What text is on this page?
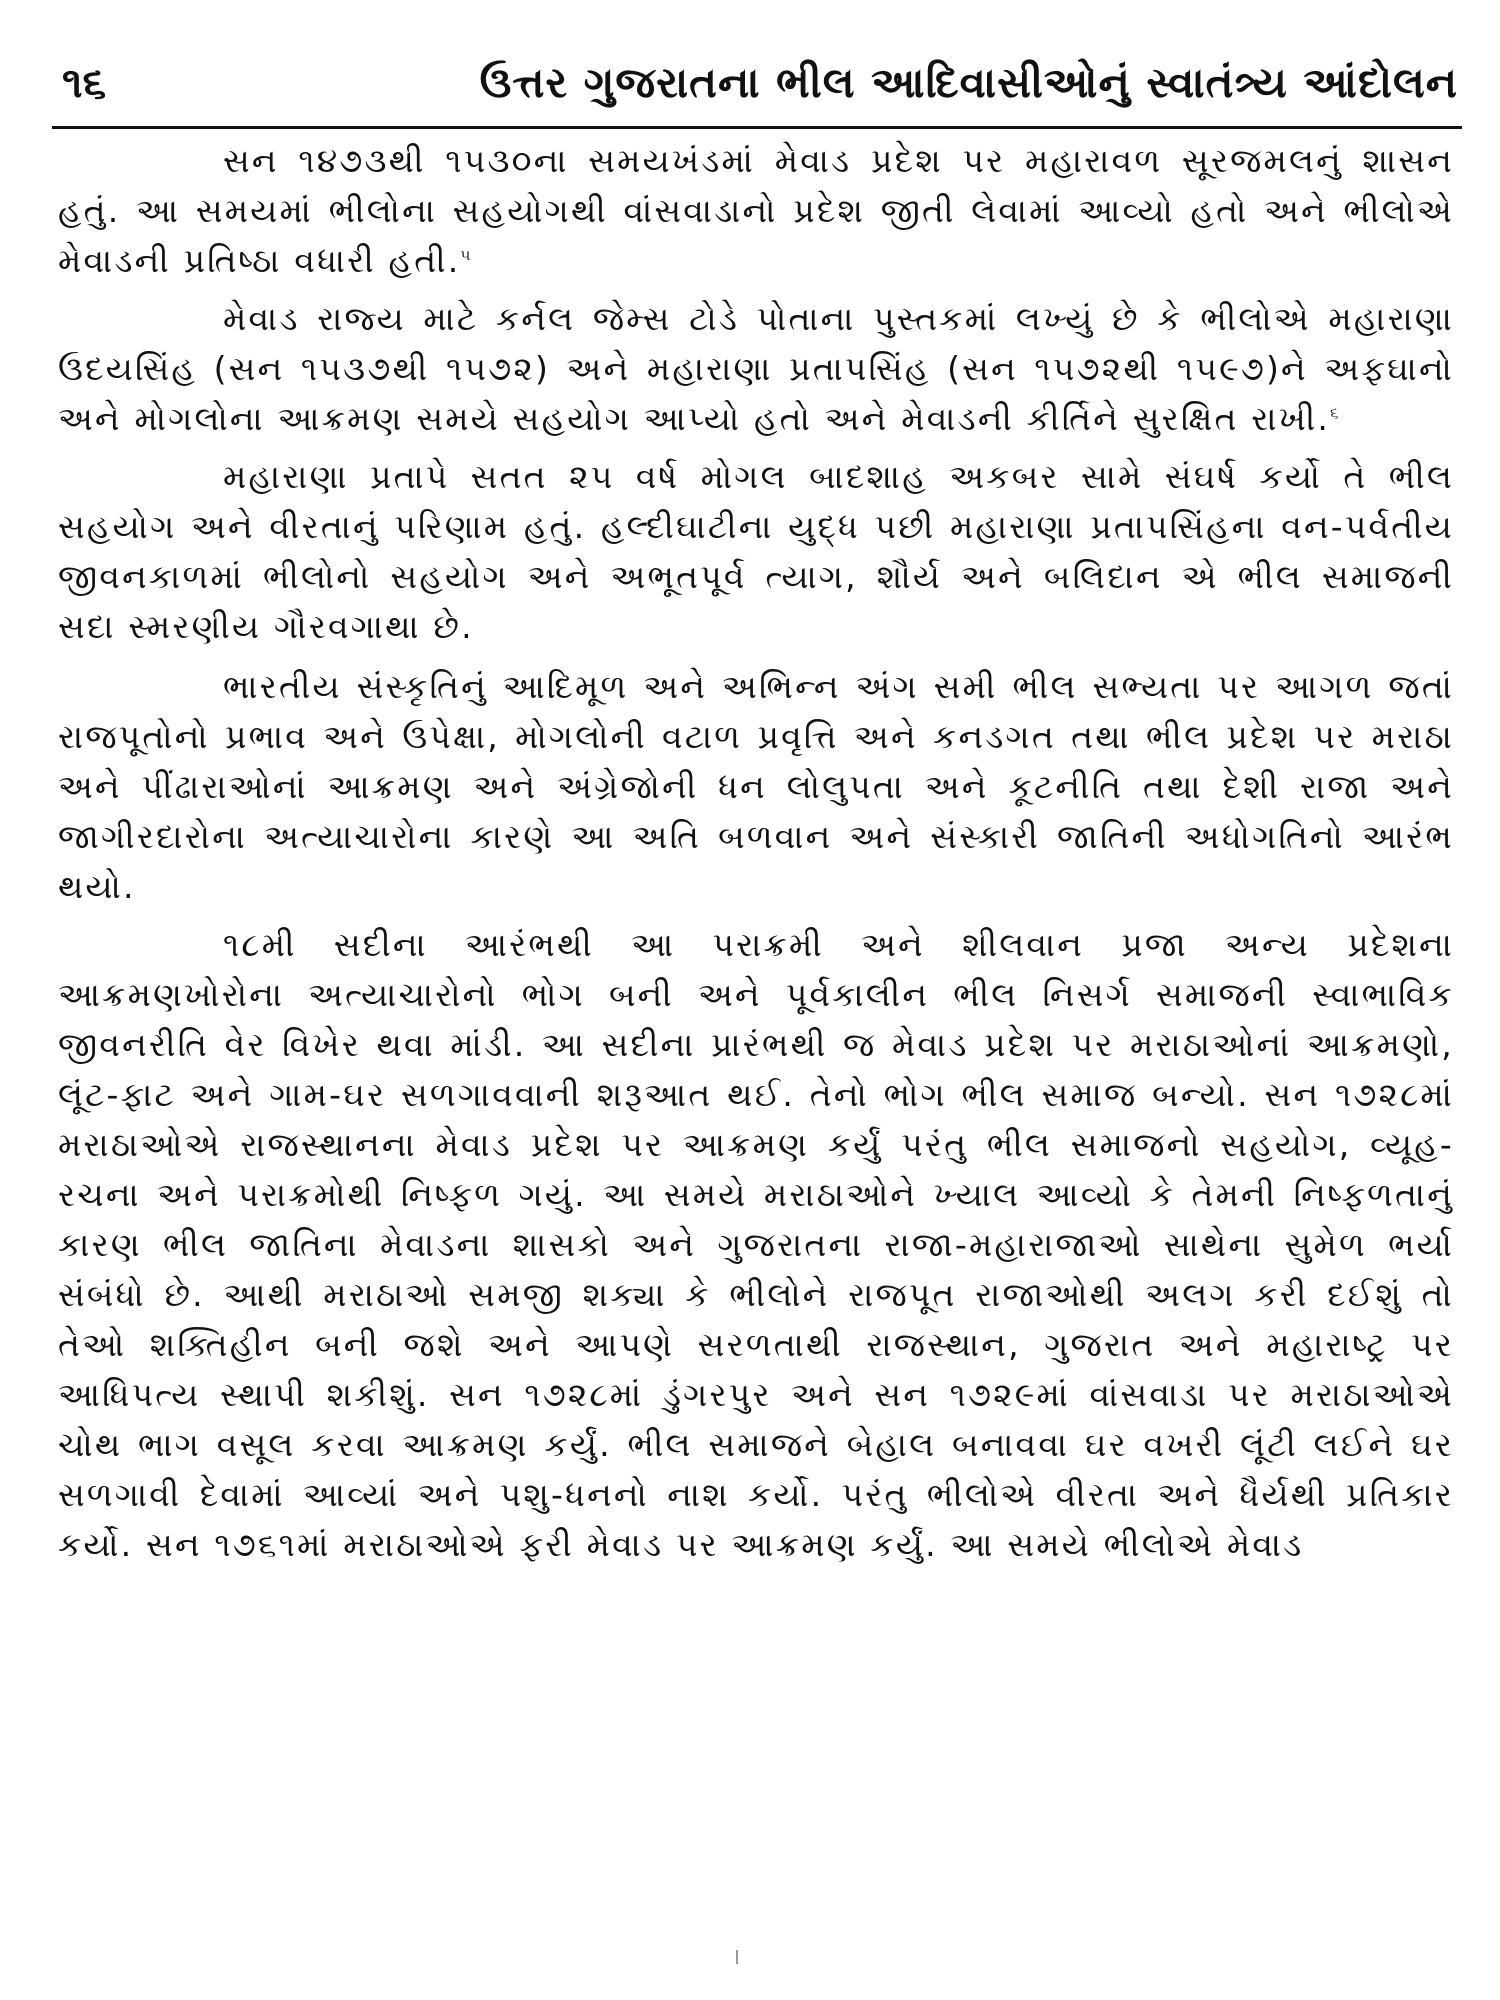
૧૬	ઉત્તર ગુજરાતના ભીલ આદિવાસીઓનું સ્વાતંત્ર્ય આંદોલન

સન ૧૪૭૩થી ૧૫૩૦ના સમયખંડમાં મેવાડ પ્રદેશ પર મહારાવળ સૂરજમલનું શાસન હતું. આ સમયમાં ભીલોના સહયોગથી વાંસવાડાનો પ્રદેશ જીતી લેવામાં આવ્યો હતો અને ભીલોએ મેવાડની પ્રતિષ્ઠા વધારી હતી.$^૫$

મેવાડ રાજ્ય માટે કર્નલ જેમ્સ ટોડે પોતાના પુસ્તકમાં લખ્યું છે કે ભીલોએ મહારાણા ઉદયસિંહ (સન ૧૫૩૭થી ૧૫૭૨) અને મહારાણા પ્રતાપસિંહ (સન ૧૫૭૨થી ૧૫૯૭)ને અફઘાનો અને મોગલોના આક્રમણ સમયે સહયોગ આપ્યો હતો અને મેવાડની કીર્તિને સુરક્ષિત રાખી.$^૬$

મહારાણા પ્રતાપે સતત ૨૫ વર્ષ મોગલ બાદશાહ અકબર સામે સંઘર્ષ કર્યો તે ભીલ સહયોગ અને વીરતાનું પરિણામ હતું. હલ્દીઘાટીના યુદ્ધ પછી મહારાણા પ્રતાપસિંહના વન-પર્વતીય જીવનકાળમાં ભીલોનો સહયોગ અને અભૂતપૂર્વ ત્યાગ, શૌર્ય અને બલિદાન એ ભીલ સમાજની સદા સ્મરણીય ગૌરવગાથા છે.

ભારતીય સંસ્કૃતિનું આદિમૂળ અને અભિન્ન અંગ સમી ભીલ સભ્યતા પર આગળ જતાં રાજપૂતોનો પ્રભાવ અને ઉપેક્ષા, મોગલોની વટાળ પ્રવૃત્તિ અને કનડગત તથા ભીલ પ્રદેશ પર મરાઠા અને પીંઢારાઓનાં આક્રમણ અને અંગ્રેજોની ધન લોલુપતા અને કૂટનીતિ તથા દેશી રાજા અને જાગીરદારોના અત્યાચારોના કારણે આ અતિ બળવાન અને સંસ્કારી જાતિની અધોગતિનો આરંભ થયો.

૧૮મી સદીના આરંભથી આ પરાક્રમી અને શીલવાન પ્રજા અન્ય પ્રદેશના આક્રમણખોરોના અત્યાચારોનો ભોગ બની અને પૂર્વકાલીન ભીલ નિસર્ગ સમાજની સ્વાભાવિક જીવનરીતિ વેર વિખેર થવા માંડી. આ સદીના પ્રારંભથી જ મેવાડ પ્રદેશ પર મરાઠાઓનાં આક્રમણો, લૂંટ-ફાટ અને ગામ-ઘર સળગાવવાની શરૂઆત થઈ. તેનો ભોગ ભીલ સમાજ બન્યો. સન ૧૭૨૮માં મરાઠાઓએ રાજસ્થાનના મેવાડ પ્રદેશ પર આક્રમણ કર્યું પરંતુ ભીલ સમાજનો સહયોગ, વ્યૂહ-રચના અને પરાક્રમોથી નિષ્ફળ ગયું. આ સમયે મરાઠાઓને ખ્યાલ આવ્યો કે તેમની નિષ્ફળતાનું કારણ ભીલ જાતિના મેવાડના શાસકો અને ગુજરાતના રાજા-મહારાજાઓ સાથેના સુમેળ ભર્યા સંબંધો છે. આથી મરાઠાઓ સમજી શક્યા કે ભીલોને રાજપૂત રાજાઓથી અલગ કરી દઈશું તો તેઓ શક્તિહીન બની જશે અને આપણે સરળતાથી રાજસ્થાન, ગુજરાત અને મહારાષ્ટ્ર પર આધિપત્ય સ્થાપી શકીશું. સન ૧૭૨૮માં ડુંગરપુર અને સન ૧૭૨૯માં વાંસવાડા પર મરાઠાઓએ ચોથ ભાગ વસૂલ કરવા આક્રમણ કર્યું. ભીલ સમાજને બેહાલ બનાવવા ઘર વખરી લૂંટી લઈને ઘર સળગાવી દેવામાં આવ્યાં અને પશુ-ધનનો નાશ કર્યો. પરંતુ ભીલોએ વીરતા અને ધૈર્યથી પ્રતિકાર કર્યો. સન ૧૭૬૧માં મરાઠાઓએ ફરી મેવાડ પર આક્રમણ કર્યું. આ સમયે ભીલોએ મેવાડ
